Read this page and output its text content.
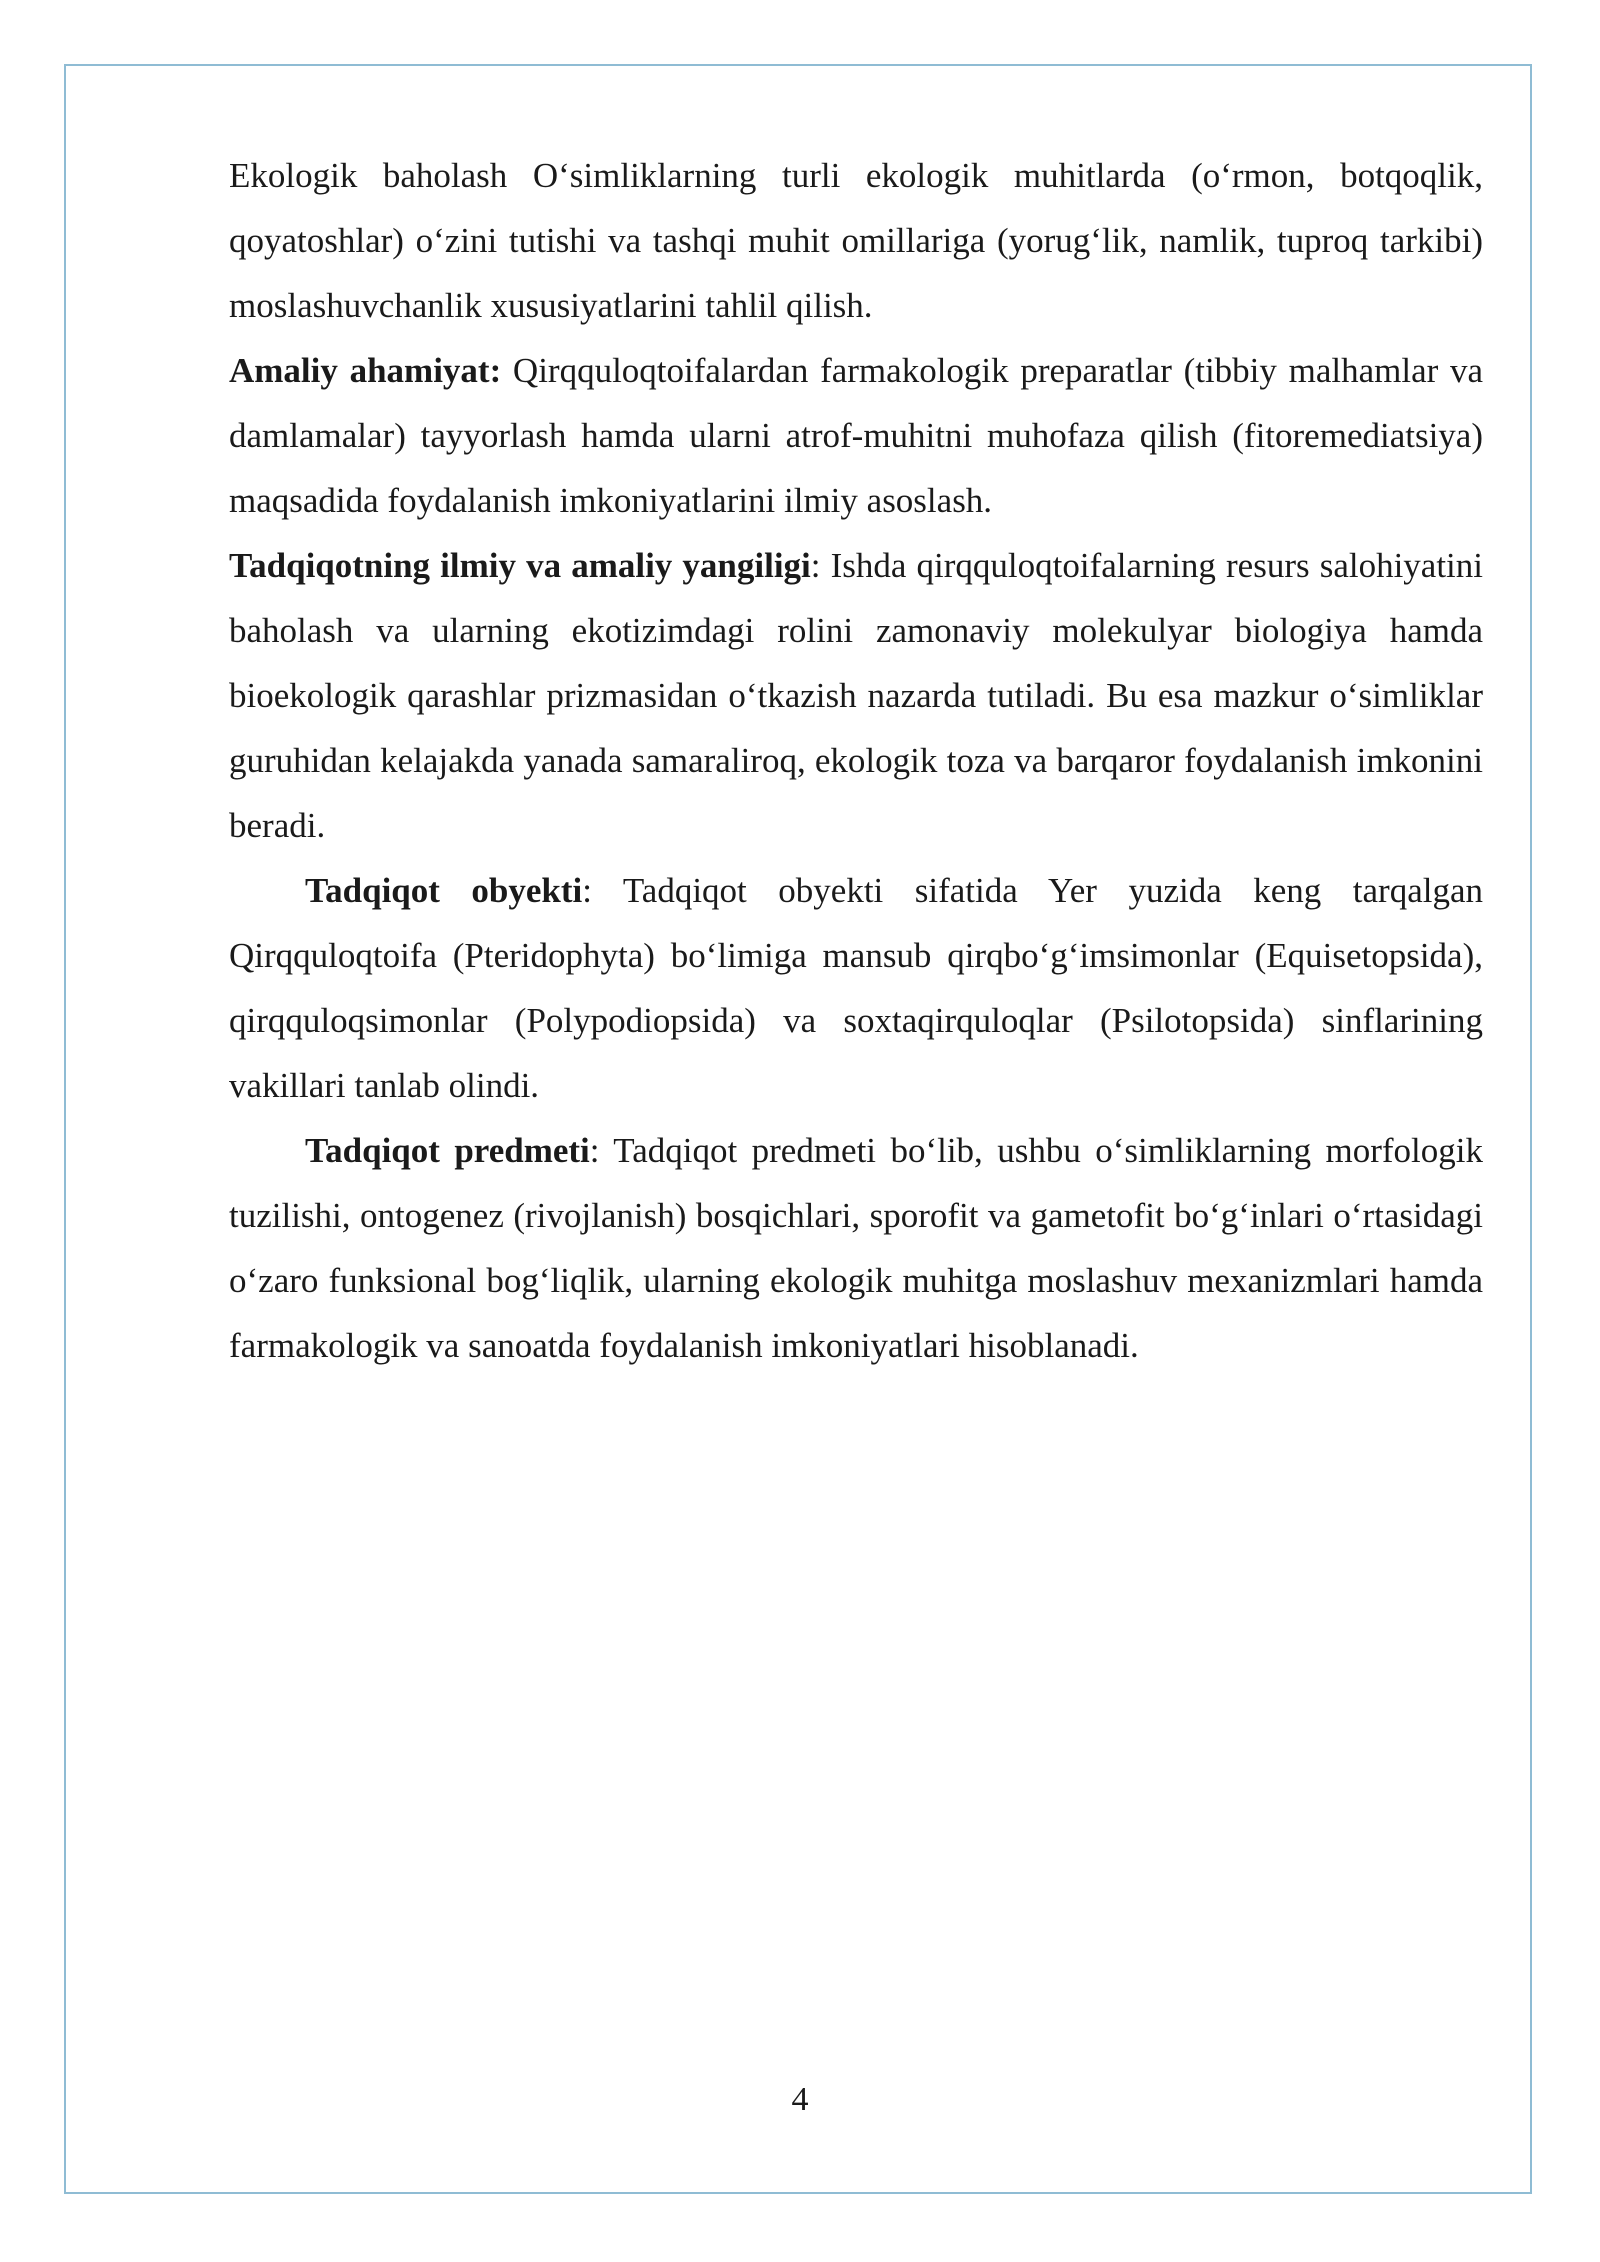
Ekologik baholash O‘simliklarning turli ekologik muhitlarda (o‘rmon, botqoqlik, qoyatoshlar) o‘zini tutishi va tashqi muhit omillariga (yorug‘lik, namlik, tuproq tarkibi) moslashuvchanlik xususiyatlarini tahlil qilish.

Amaliy ahamiyat: Qirqquloqtoifalardan farmakologik preparatlar (tibbiy malhamlar va damlamalar) tayyorlash hamda ularni atrof-muhitni muhofaza qilish (fitoremediatsiya) maqsadida foydalanish imkoniyatlarini ilmiy asoslash.

Tadqiqotning ilmiy va amaliy yangiligi: Ishda qirqquloqtoifalarning resurs salohiyatini baholash va ularning ekotizimdagi rolini zamonaviy molekulyar biologiya hamda bioekologik qarashlar prizmasidan o‘tkazish nazarda tutiladi. Bu esa mazkur o‘simliklar guruhidan kelajakda yanada samaraliroq, ekologik toza va barqaror foydalanish imkonini beradi.

Tadqiqot obyekti: Tadqiqot obyekti sifatida Yer yuzida keng tarqalgan Qirqquloqtoifa (Pteridophyta) bo‘limiga mansub qirqbo‘g‘imsimonlar (Equisetopsida), qirqquloqsimonlar (Polypodiopsida) va soxtaqirquloqlar (Psilotopsida) sinflarining vakillari tanlab olindi.

Tadqiqot predmeti: Tadqiqot predmeti bo‘lib, ushbu o‘simliklarning morfologik tuzilishi, ontogenez (rivojlanish) bosqichlari, sporofit va gametofit bo‘g‘inlari o‘rtasidagi o‘zaro funksional bog‘liqlik, ularning ekologik muhitga moslashuv mexanizmlari hamda farmakologik va sanoatda foydalanish imkoniyatlari hisoblanadi.

4
